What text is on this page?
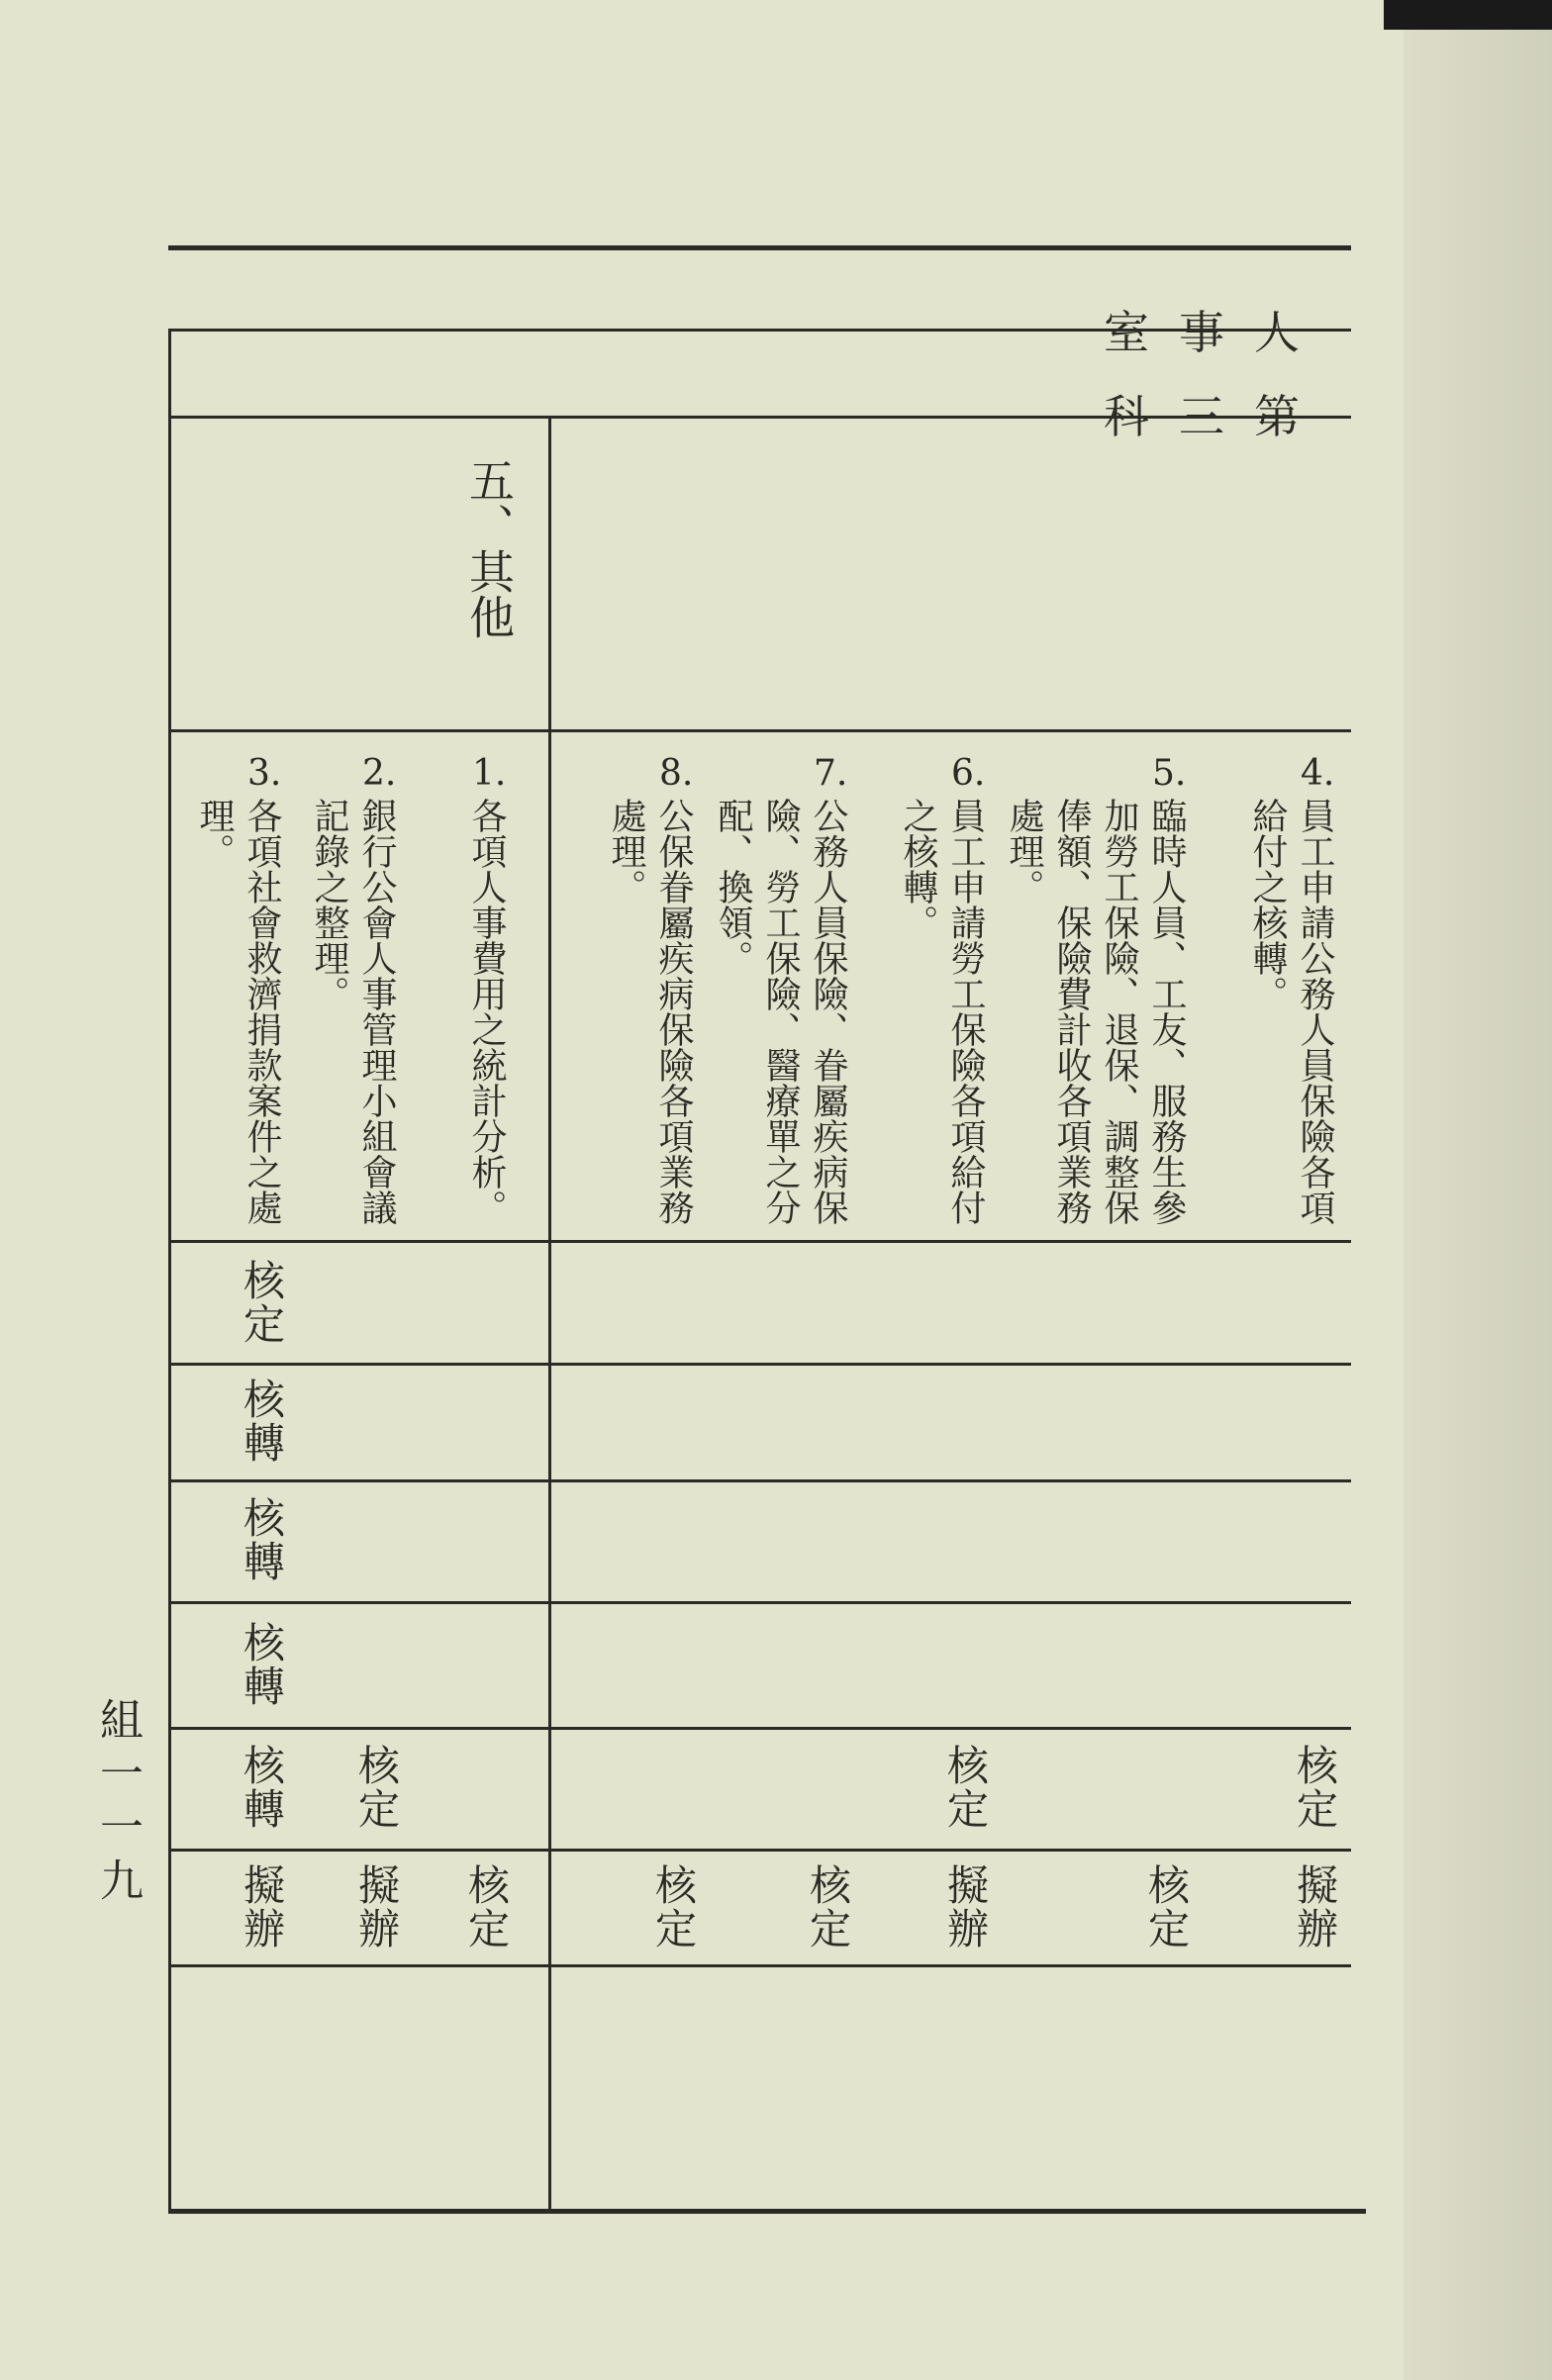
人事室
第三科
五、其他
4.
員工申請公務人員保險各項給付之核轉。
核定
擬辦
5.
臨時人員、工友、服務生參加勞工保險、退保、調整保俸額、保險費計收各項業務處理。
核定
6.
員工申請勞工保險各項給付之核轉。
核定
擬辦
7.
公務人員保險、眷屬疾病保險、勞工保險、醫療單之分配、換領。
核定
8.
公保眷屬疾病保險各項業務處理。
核定
1.
各項人事費用之統計分析。
核定
2.
銀行公會人事管理小組會議記錄之整理。
核定
擬辦
3.
各項社會救濟捐款案件之處理。
核定
核轉
核轉
核轉
核轉
擬辦
組一一九
